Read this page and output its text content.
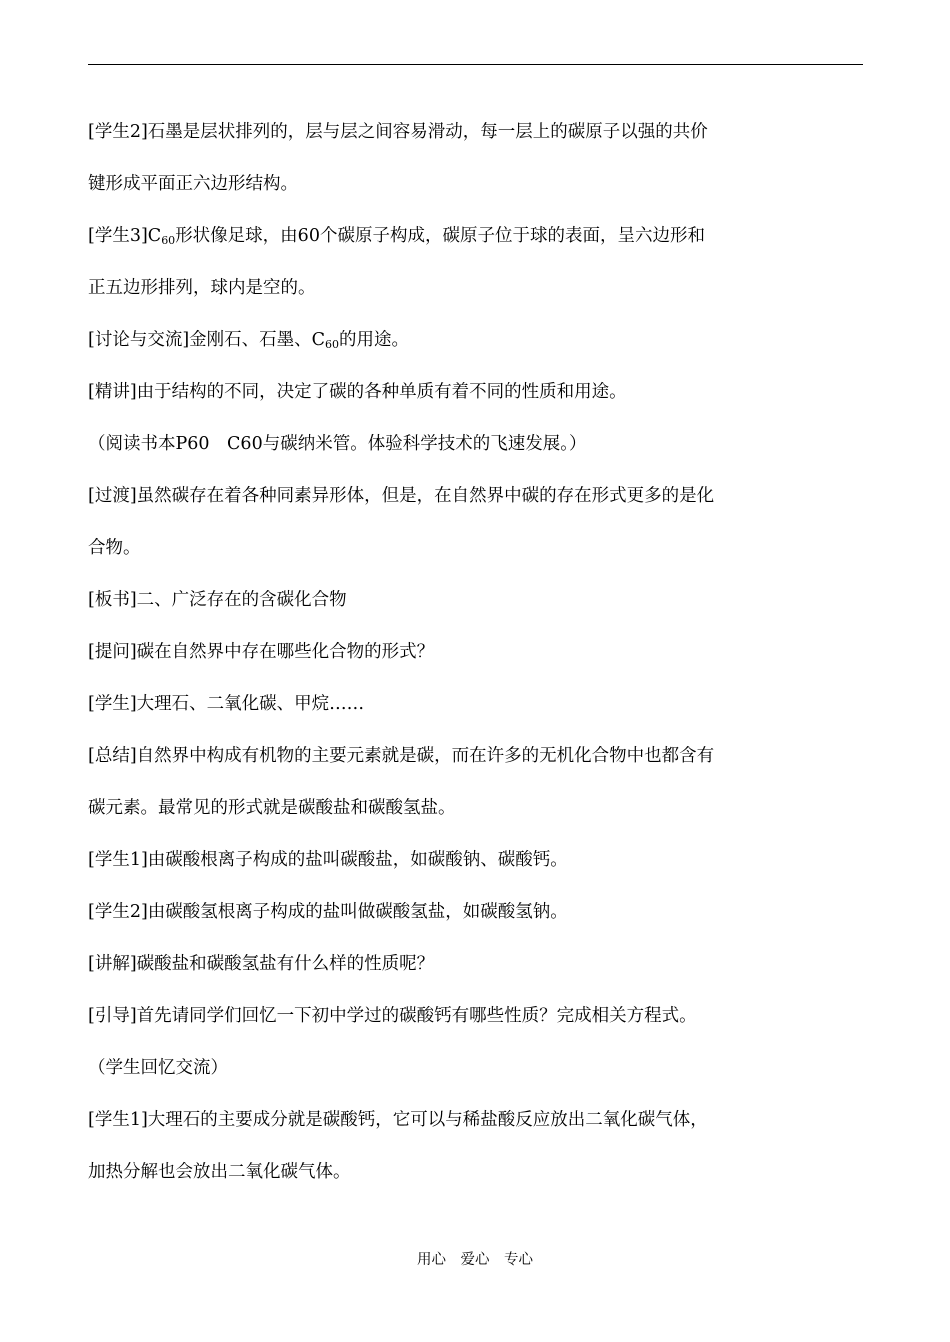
[学生2]石墨是层状排列的，层与层之间容易滑动，每一层上的碳原子以强的共价
键形成平面正六边形结构。
[学生$3]C_{60}$形状像足球，由60个碳原子构成，碳原子位于球的表面，呈六边形和
正五边形排列，球内是空的。
[讨论与交流]金刚石、石墨、$C_{60}$的用途。
[精讲]由于结构的不同，决定了碳的各种单质有着不同的性质和用途。
（阅读书本P60　C60与碳纳米管。体验科学技术的飞速发展。）
[过渡]虽然碳存在着各种同素异形体，但是，在自然界中碳的存在形式更多的是化
合物。
[板书]二、广泛存在的含碳化合物
[提问]碳在自然界中存在哪些化合物的形式？
[学生]大理石、二氧化碳、甲烷……
[总结]自然界中构成有机物的主要元素就是碳，而在许多的无机化合物中也都含有
碳元素。最常见的形式就是碳酸盐和碳酸氢盐。
[学生1]由碳酸根离子构成的盐叫碳酸盐，如碳酸钠、碳酸钙。
[学生2]由碳酸氢根离子构成的盐叫做碳酸氢盐，如碳酸氢钠。
[讲解]碳酸盐和碳酸氢盐有什么样的性质呢？
[引导]首先请同学们回忆一下初中学过的碳酸钙有哪些性质？完成相关方程式。
（学生回忆交流）
[学生1]大理石的主要成分就是碳酸钙，它可以与稀盐酸反应放出二氧化碳气体，
加热分解也会放出二氧化碳气体。
用心　爱心　专心
